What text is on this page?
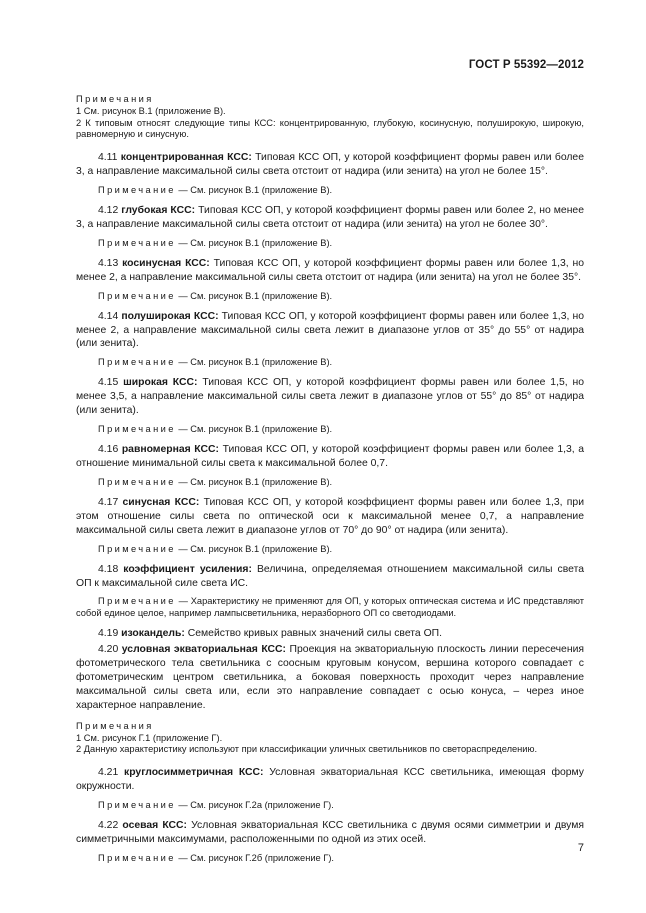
ГОСТ Р 55392—2012

Примечания

1 См. рисунок В.1 (приложение В).

2 К типовым относят следующие типы КСС: концентрированную, глубокую, косинусную, полуширокую, широкую, равномерную и синусную.

4.11 концентрированная КСС: Типовая КСС ОП, у которой коэффициент формы равен или более 3, а направление максимальной силы света отстоит от надира (или зенита) на угол не более 15°.

Примечание — См. рисунок В.1 (приложение В).

4.12 глубокая КСС: Типовая КСС ОП, у которой коэффициент формы равен или более 2, но менее 3, а направление максимальной силы света отстоит от надира (или зенита) на угол не более 30°.

Примечание — См. рисунок В.1 (приложение В).

4.13 косинусная КСС: Типовая КСС ОП, у которой коэффициент формы равен или более 1,3, но менее 2, а направление максимальной силы света отстоит от надира (или зенита) на угол не более 35°.

Примечание — См. рисунок В.1 (приложение В).

4.14 полуширокая КСС: Типовая КСС ОП, у которой коэффициент формы равен или более 1,3, но менее 2, а направление максимальной силы света лежит в диапазоне углов от 35° до 55° от надира (или зенита).

Примечание — См. рисунок В.1 (приложение В).

4.15 широкая КСС: Типовая КСС ОП, у которой коэффициент формы равен или более 1,5, но менее 3,5, а направление максимальной силы света лежит в диапазоне углов от 55° до 85° от надира (или зенита).

Примечание — См. рисунок В.1 (приложение В).

4.16 равномерная КСС: Типовая КСС ОП, у которой коэффициент формы равен или более 1,3, а отношение минимальной силы света к максимальной более 0,7.

Примечание — См. рисунок В.1 (приложение В).

4.17 синусная КСС: Типовая КСС ОП, у которой коэффициент формы равен или более 1,3, при этом отношение силы света по оптической оси к максимальной менее 0,7, а направление максимальной силы света лежит в диапазоне углов от 70° до 90° от надира (или зенита).

Примечание — См. рисунок В.1 (приложение В).

4.18 коэффициент усиления: Величина, определяемая отношением максимальной силы света ОП к максимальной силе света ИС.

Примечание — Характеристику не применяют для ОП, у которых оптическая система и ИС представляют собой единое целое, например лампысветильника, неразборного ОП со светодиодами.

4.19 изокандель: Семейство кривых равных значений силы света ОП.

4.20 условная экваториальная КСС: Проекция на экваториальную плоскость линии пересечения фотометрического тела светильника с соосным круговым конусом, вершина которого совпадает с фотометрическим центром светильника, а боковая поверхность проходит через направление максимальной силы света или, если это направление совпадает с осью конуса, – через иное характерное направление.

Примечания

1 См. рисунок Г.1 (приложение Г).

2 Данную характеристику используют при классификации уличных светильников по светораспределению.

4.21 круглосимметричная КСС: Условная экваториальная КСС светильника, имеющая форму окружности.

Примечание — См. рисунок Г.2а (приложение Г).

4.22 осевая КСС: Условная экваториальная КСС светильника с двумя осями симметрии и двумя симметричными максимумами, расположенными по одной из этих осей.

Примечание — См. рисунок Г.2б (приложение Г).

7
